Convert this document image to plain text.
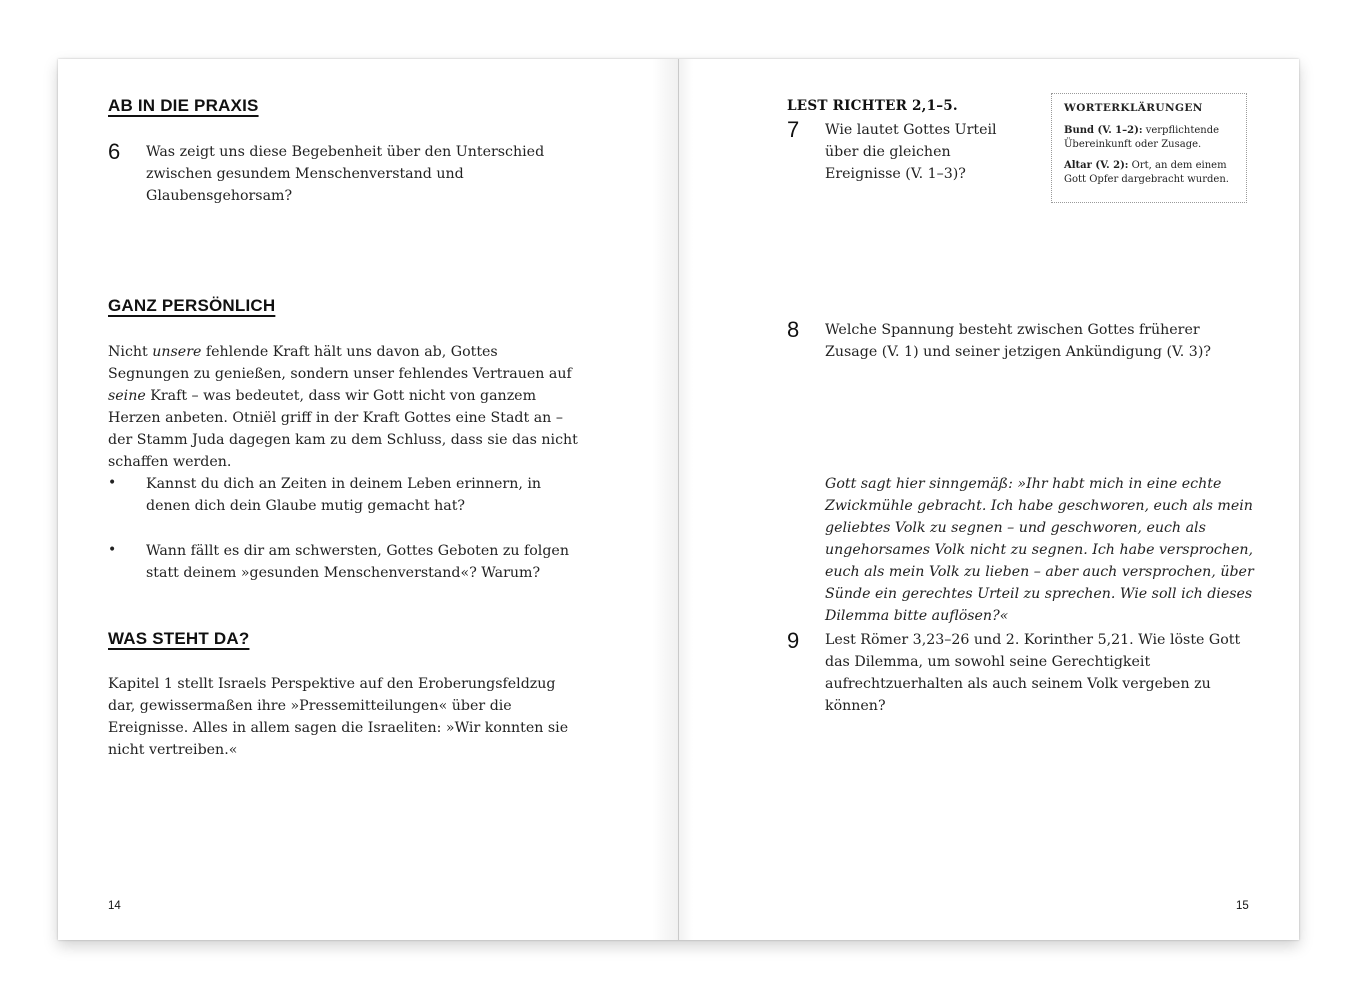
AB IN DIE PRAXIS
6 Was zeigt uns diese Begebenheit über den Unterschied zwischen gesundem Menschenverstand und Glaubensgehorsam?
GANZ PERSÖNLICH
Nicht unsere fehlende Kraft hält uns davon ab, Gottes Segnungen zu genießen, sondern unser fehlendes Vertrauen auf seine Kraft – was bedeutet, dass wir Gott nicht von ganzem Herzen anbeten. Otniël griff in der Kraft Gottes eine Stadt an – der Stamm Juda dagegen kam zu dem Schluss, dass sie das nicht schaffen werden.
• Kannst du dich an Zeiten in deinem Leben erinnern, in denen dich dein Glaube mutig gemacht hat?
• Wann fällt es dir am schwersten, Gottes Geboten zu folgen statt deinem »gesunden Menschenverstand«? Warum?
WAS STEHT DA?
Kapitel 1 stellt Israels Perspektive auf den Eroberungsfeldzug dar, gewissermaßen ihre »Pressemitteilungen« über die Ereignisse. Alles in allem sagen die Israeliten: »Wir konnten sie nicht vertreiben.«
14
LEST RICHTER 2,1–5.
7 Wie lautet Gottes Urteil über die gleichen Ereignisse (V. 1–3)?
WORTERKLÄRUNGEN
Bund (V. 1–2): verpflichtende Übereinkunft oder Zusage.
Altar (V. 2): Ort, an dem einem Gott Opfer dargebracht wurden.
8 Welche Spannung besteht zwischen Gottes früherer Zusage (V. 1) und seiner jetzigen Ankündigung (V. 3)?
Gott sagt hier sinngemäß: »Ihr habt mich in eine echte Zwickmühle gebracht. Ich habe geschworen, euch als mein geliebtes Volk zu segnen – und geschworen, euch als ungehorsames Volk nicht zu segnen. Ich habe versprochen, euch als mein Volk zu lieben – aber auch versprochen, über Sünde ein gerechtes Urteil zu sprechen. Wie soll ich dieses Dilemma bitte auflösen?«
9 Lest Römer 3,23–26 und 2. Korinther 5,21. Wie löste Gott das Dilemma, um sowohl seine Gerechtigkeit aufrechtzuerhalten als auch seinem Volk vergeben zu können?
15
